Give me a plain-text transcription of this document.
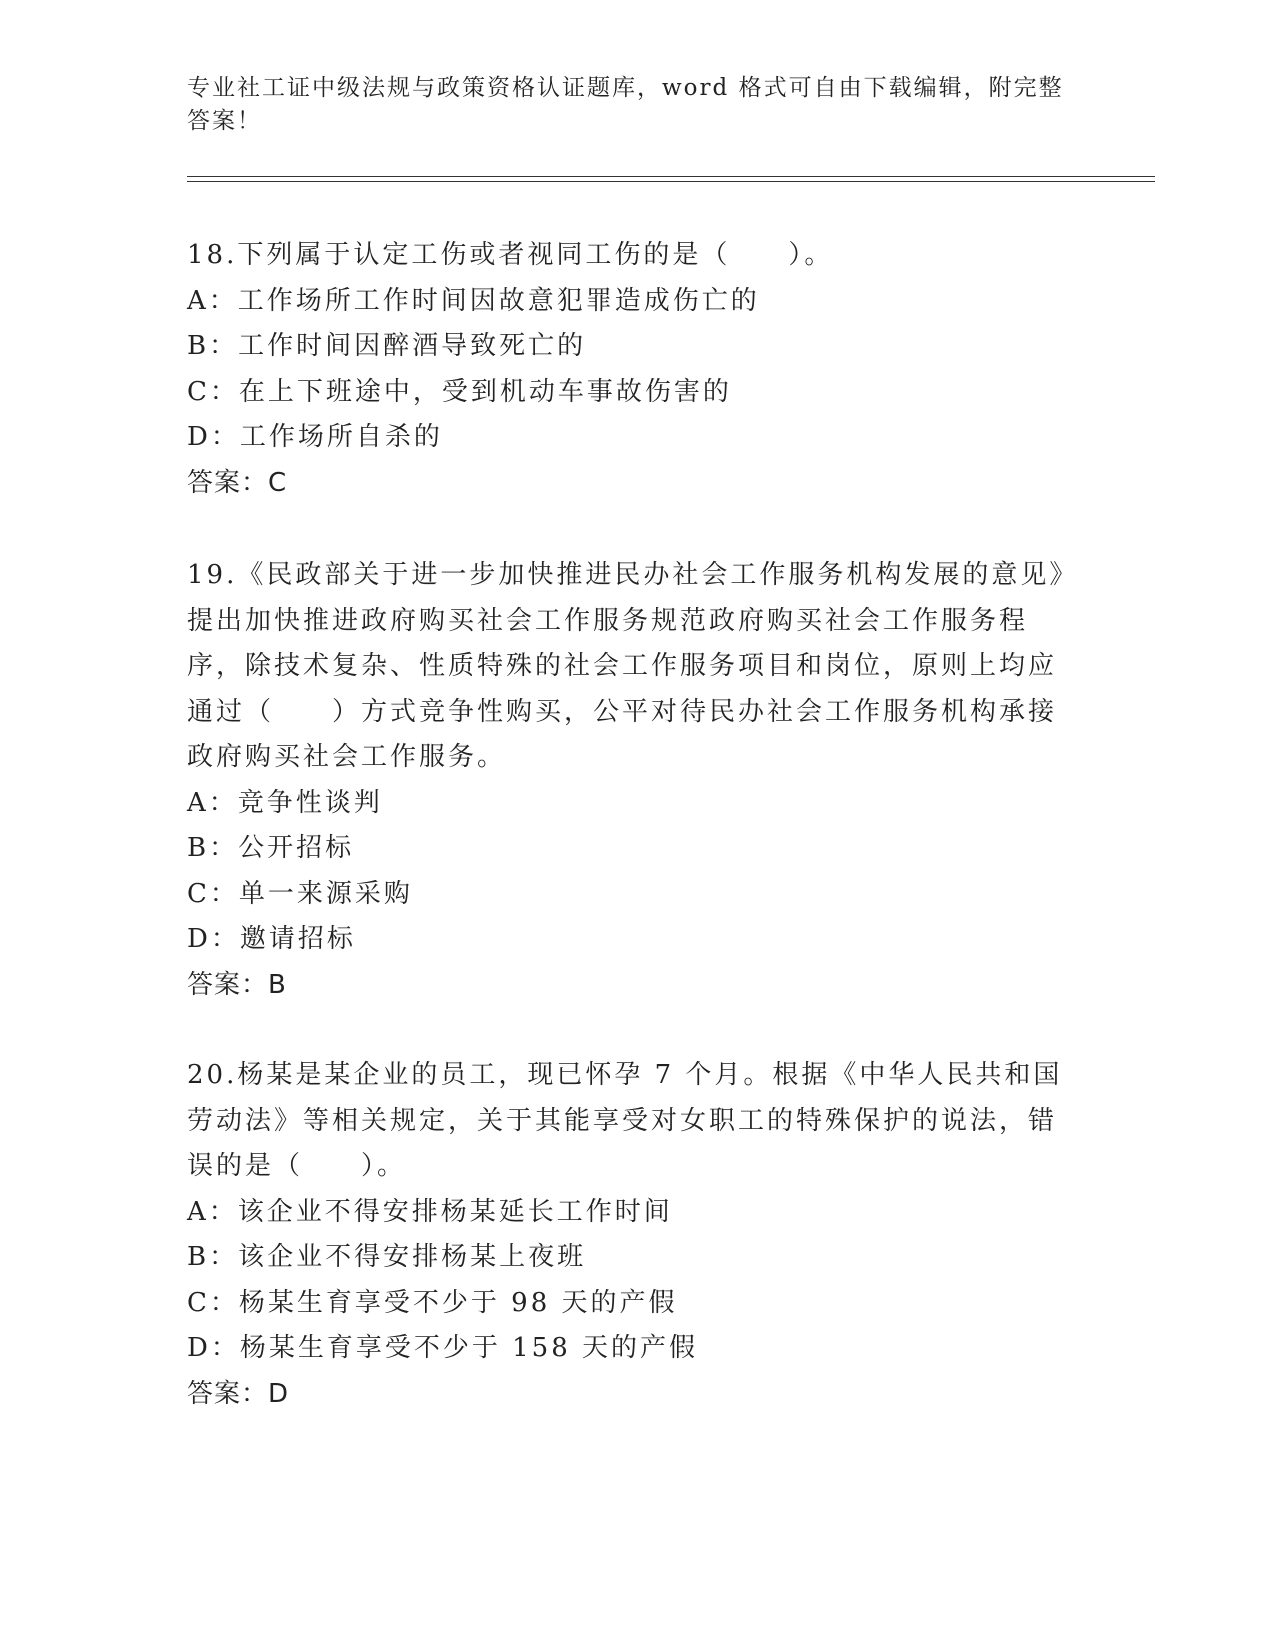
专业社工证中级法规与政策资格认证题库，word 格式可自由下载编辑，附完整答案！

18.下列属于认定工伤或者视同工伤的是（　　）。

A：工作场所工作时间因故意犯罪造成伤亡的

B：工作时间因醉酒导致死亡的

C：在上下班途中，受到机动车事故伤害的

D：工作场所自杀的

答案：C

19.《民政部关于进一步加快推进民办社会工作服务机构发展的意见》提出加快推进政府购买社会工作服务规范政府购买社会工作服务程序，除技术复杂、性质特殊的社会工作服务项目和岗位，原则上均应通过（　　）方式竞争性购买，公平对待民办社会工作服务机构承接政府购买社会工作服务。

A：竞争性谈判

B：公开招标

C：单一来源采购

D：邀请招标

答案：B

20.杨某是某企业的员工，现已怀孕 7 个月。根据《中华人民共和国劳动法》等相关规定，关于其能享受对女职工的特殊保护的说法，错误的是（　　）。

A：该企业不得安排杨某延长工作时间

B：该企业不得安排杨某上夜班

C：杨某生育享受不少于 98 天的产假

D：杨某生育享受不少于 158 天的产假

答案：D
